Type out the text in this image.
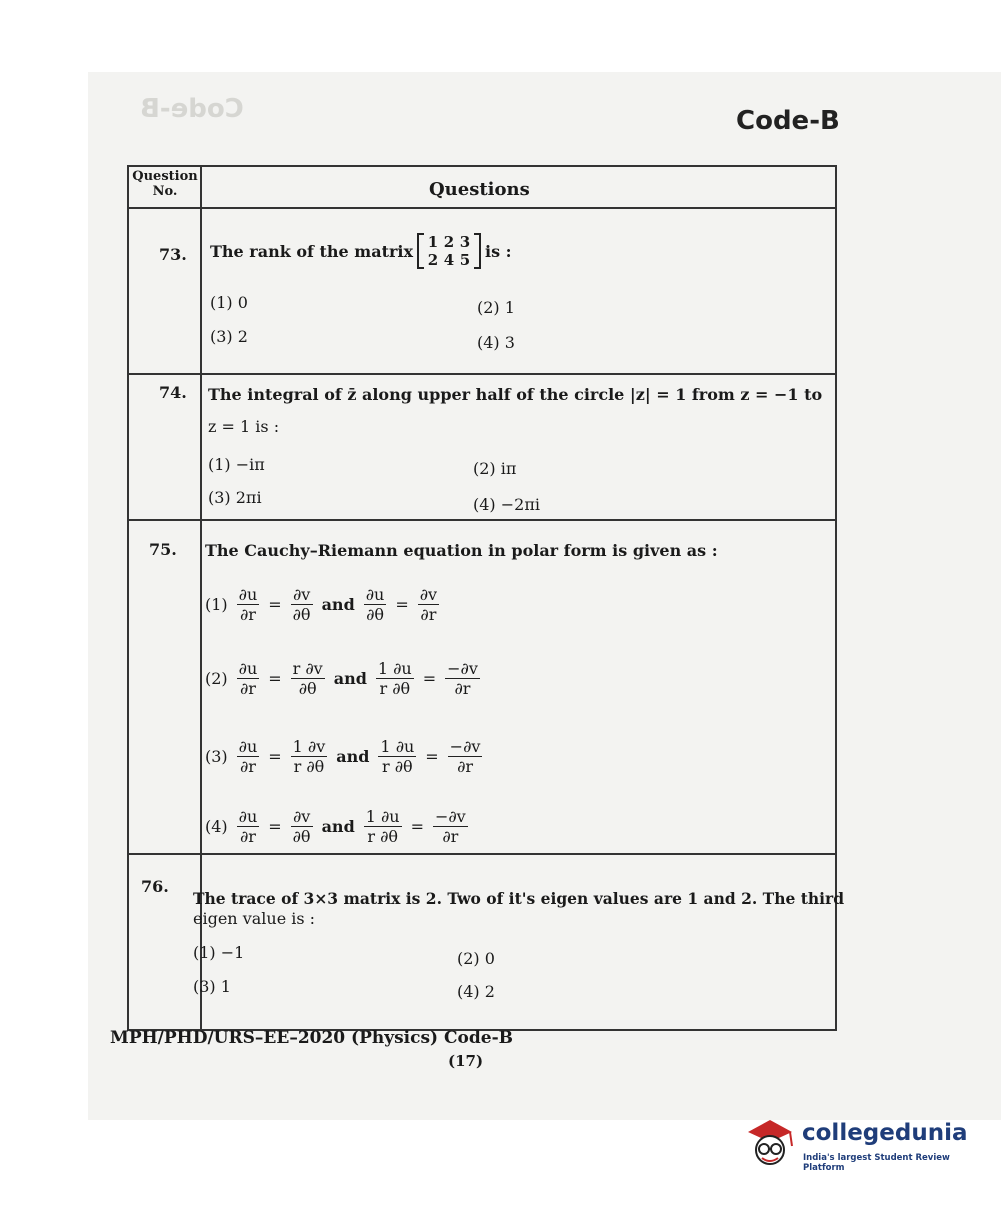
Code-B	Code-B
Question No.	Questions
73. The rank of the matrix 1 2 3
2 4 5 is :
(1) 0	(2) 1
(3) 2	(4) 3
74. The integral of z̄ along upper half of the circle |z| = 1 from z = −1 to
z = 1 is :
(1) −iπ	(2) iπ
(3) 2πi	(4) −2πi
75. The Cauchy–Riemann equation in polar form is given as :
$(1) \frac{\partial u}{\partial r} = \frac{\partial v}{\partial\theta}$ and $\frac{\partial u}{\partial\theta} = \frac{\partial v}{\partial r}$
$(2) \frac{\partial u}{\partial r} = \frac{r \partial v}{\partial\theta}$ and $\frac{1 \partial u}{r \partial\theta} = \frac{-\partial v}{\partial r}$
$(3) \frac{\partial u}{\partial r} = \frac{1 \partial v}{r \partial\theta}$ and $\frac{1 \partial u}{r \partial\theta} = \frac{-\partial v}{\partial r}$
$(4) \frac{\partial u}{\partial r} = \frac{\partial v}{\partial\theta}$ and $\frac{1 \partial u}{r \partial\theta} = \frac{-\partial v}{\partial r}$
76.
The trace of 3×3 matrix is 2. Two of it's eigen values are 1 and 2. The third
eigen value is :
(1) −1	(2) 0
(3) 1	(4) 2
MPH/PHD/URS–EE–2020 (Physics) Code-B
(17)
collegedunia
India's largest Student Review Platform
